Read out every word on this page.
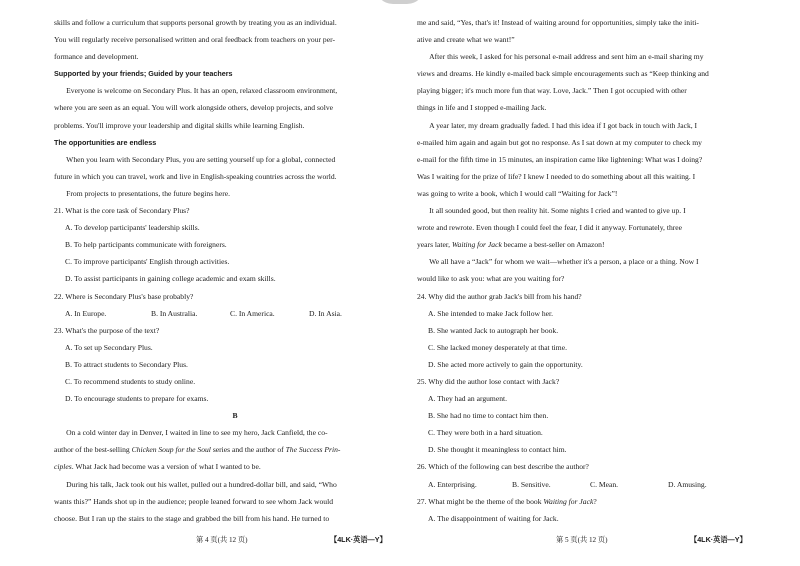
skills and follow a curriculum that supports personal growth by treating you as an individual.

You will regularly receive personalised written and oral feedback from teachers on your per-

formance and development.

Supported by your friends; Guided by your teachers

Everyone is welcome on Secondary Plus. It has an open, relaxed classroom environment,

where you are seen as an equal. You will work alongside others, develop projects, and solve

problems. You'll improve your leadership and digital skills while learning English.

The opportunities are endless

When you learn with Secondary Plus, you are setting yourself up for a global, connected

future in which you can travel, work and live in English-speaking countries across the world.

From projects to presentations, the future begins here.

21. What is the core task of Secondary Plus?

A. To develop participants' leadership skills.

B. To help participants communicate with foreigners.

C. To improve participants' English through activities.

D. To assist participants in gaining college academic and exam skills.

22. Where is Secondary Plus's base probably?

A. In Europe.	B. In Australia.	C. In America.	D. In Asia.

23. What's the purpose of the text?

A. To set up Secondary Plus.

B. To attract students to Secondary Plus.

C. To recommend students to study online.

D. To encourage students to prepare for exams.

B

On a cold winter day in Denver, I waited in line to see my hero, Jack Canfield, the co-

author of the best-selling Chicken Soup for the Soul series and the author of The Success Prin-

ciples. What Jack had become was a version of what I wanted to be.

During his talk, Jack took out his wallet, pulled out a hundred-dollar bill, and said, “Who

wants this?” Hands shot up in the audience; people leaned forward to see whom Jack would

choose. But I ran up the stairs to the stage and grabbed the bill from his hand. He turned to

me and said, “Yes, that's it! Instead of waiting around for opportunities, simply take the initi-

ative and create what we want!”

After this week, I asked for his personal e-mail address and sent him an e-mail sharing my

views and dreams. He kindly e-mailed back simple encouragements such as “Keep thinking and

playing bigger; it's much more fun that way. Love, Jack.” Then I got occupied with other

things in life and I stopped e-mailing Jack.

A year later, my dream gradually faded. I had this idea if I got back in touch with Jack, I

e-mailed him again and again but got no response. As I sat down at my computer to check my

e-mail for the fifth time in 15 minutes, an inspiration came like lightening: What was I doing?

Was I waiting for the prize of life? I knew I needed to do something about all this waiting. I

was going to write a book, which I would call “Waiting for Jack”!

It all sounded good, but then reality hit. Some nights I cried and wanted to give up. I

wrote and rewrote. Even though I could feel the fear, I did it anyway. Fortunately, three

years later, Waiting for Jack became a best-seller on Amazon!

We all have a “Jack” for whom we wait—whether it's a person, a place or a thing. Now I

would like to ask you: what are you waiting for?

24. Why did the author grab Jack's bill from his hand?

A. She intended to make Jack follow her.

B. She wanted Jack to autograph her book.

C. She lacked money desperately at that time.

D. She acted more actively to gain the opportunity.

25. Why did the author lose contact with Jack?

A. They had an argument.

B. She had no time to contact him then.

C. They were both in a hard situation.

D. She thought it meaningless to contact him.

26. Which of the following can best describe the author?

A. Enterprising.	B. Sensitive.	C. Mean.	D. Amusing.

27. What might be the theme of the book Waiting for Jack?

A. The disappointment of waiting for Jack.

第 4 页(共 12 页)	【4LK·英语—Y】	第 5 页(共 12 页)	【4LK·英语—Y】
